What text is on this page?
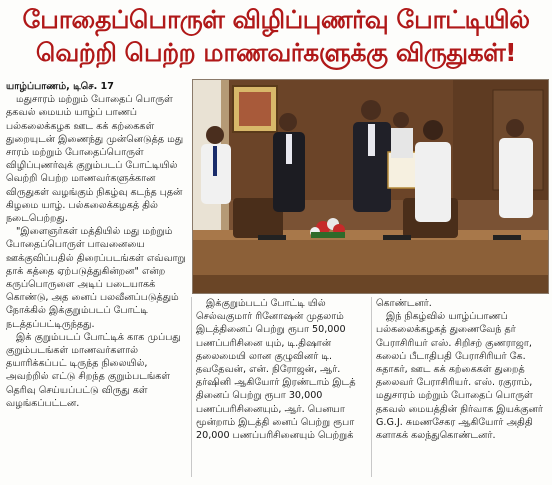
போதைப்பொருள் விழிப்புணர்வு போட்டியில்
வெற்றி பெற்ற மாணவர்களுக்கு விருதுகள்!

யாழ்ப்பாணம், டிசெ. 17

மதுசாரம் மற்றும் போதைப் பொருள் தகவல் மையம் யாழ்ப் பாணப் பல்கலைக்கழக ஊட கக் கற்கைகள் துறையுடன் இணைந்து முன்னெடுத்த மது சாரம் மற்றும் போதைப்பொருள் விழிப்புணர்வுக் குறும்படப் போட்டியில் வெற்றி பெற்ற மாணவர்களுக்கான விருதுகள் வழங்கும் நிகழ்வு கடந்த புதன் கிழமை யாழ். பல்கலைக்கழகத் தில் நடைபெற்றது.

"இளைஞர்கள் மத்தியில் மது மற்றும் போதைப்பொருள் பாவனையை ஊக்குவிப்பதில் திரைப்படங்கள் எவ்வாறு தாக் கத்தை ஏற்படுத்துகின்றன" என்ற கருப்பொருளை அடிப் படையாகக் கொண்டு, அத னைப் பலவீனப்படுத்தும் நோக்கில் இக்குறும்படப் போட்டி நடத்தப்பட்டிருந்தது.

இக் குறும்படப் போட்டிக் காக முப்பது குறும்படங்கள் மாணவர்களால் தயாரிக்கப்பட் டிருந்த நிலையில், அவற்றில் எட்டு சிறந்த குறும்படங்கள் தெரிவு செய்யப்பட்டு விருது கள் வழங்கப்பட்டன.

இக்குறும்படப் போட்டி யில் செல்வகுமார் ரினோஷன் முதலாம் இடத்தினைப் பெற்று ரூபா 50,000 பணப்பரிசினை யும், டி.திஷான் தலைமையி லான குழுவினர் டி. தவதேவன், என். நிரோஜன், ஆர். தர்ஷினி ஆகியோர் இரண்டாம் இடத் தினைப் பெற்று ரூபா 30,000 பணப்பரிசினையும், ஆர். பெனயா மூன்றாம் இடத்தி னைப் பெற்று ரூபா 20,000 பணப்பரிசினையும் பெற்றுக்

கொண்டனர்.

இந் நிகழ்வில் யாழ்ப்பாணப் பல்கலைக்கழகத் துணைவேந் தர் பேராசிரியர் எஸ். சிறிசற் குணராஜா, கலைப் பீடாதிபதி பேராசிரியர் கே. சுதாகர், ஊட கக் கற்கைகள் துறைத் தலைவர் பேராசிரியர். எஸ். ரகுராம், மதுசாரம் மற்றும் போதைப் பொருள் தகவல் மையத்தின் நிர்வாக இயக்குனர் G.G.J. சுமணசேகர ஆகியோர் அதிதி களாகக் கலந்துகொண்டனர்.
